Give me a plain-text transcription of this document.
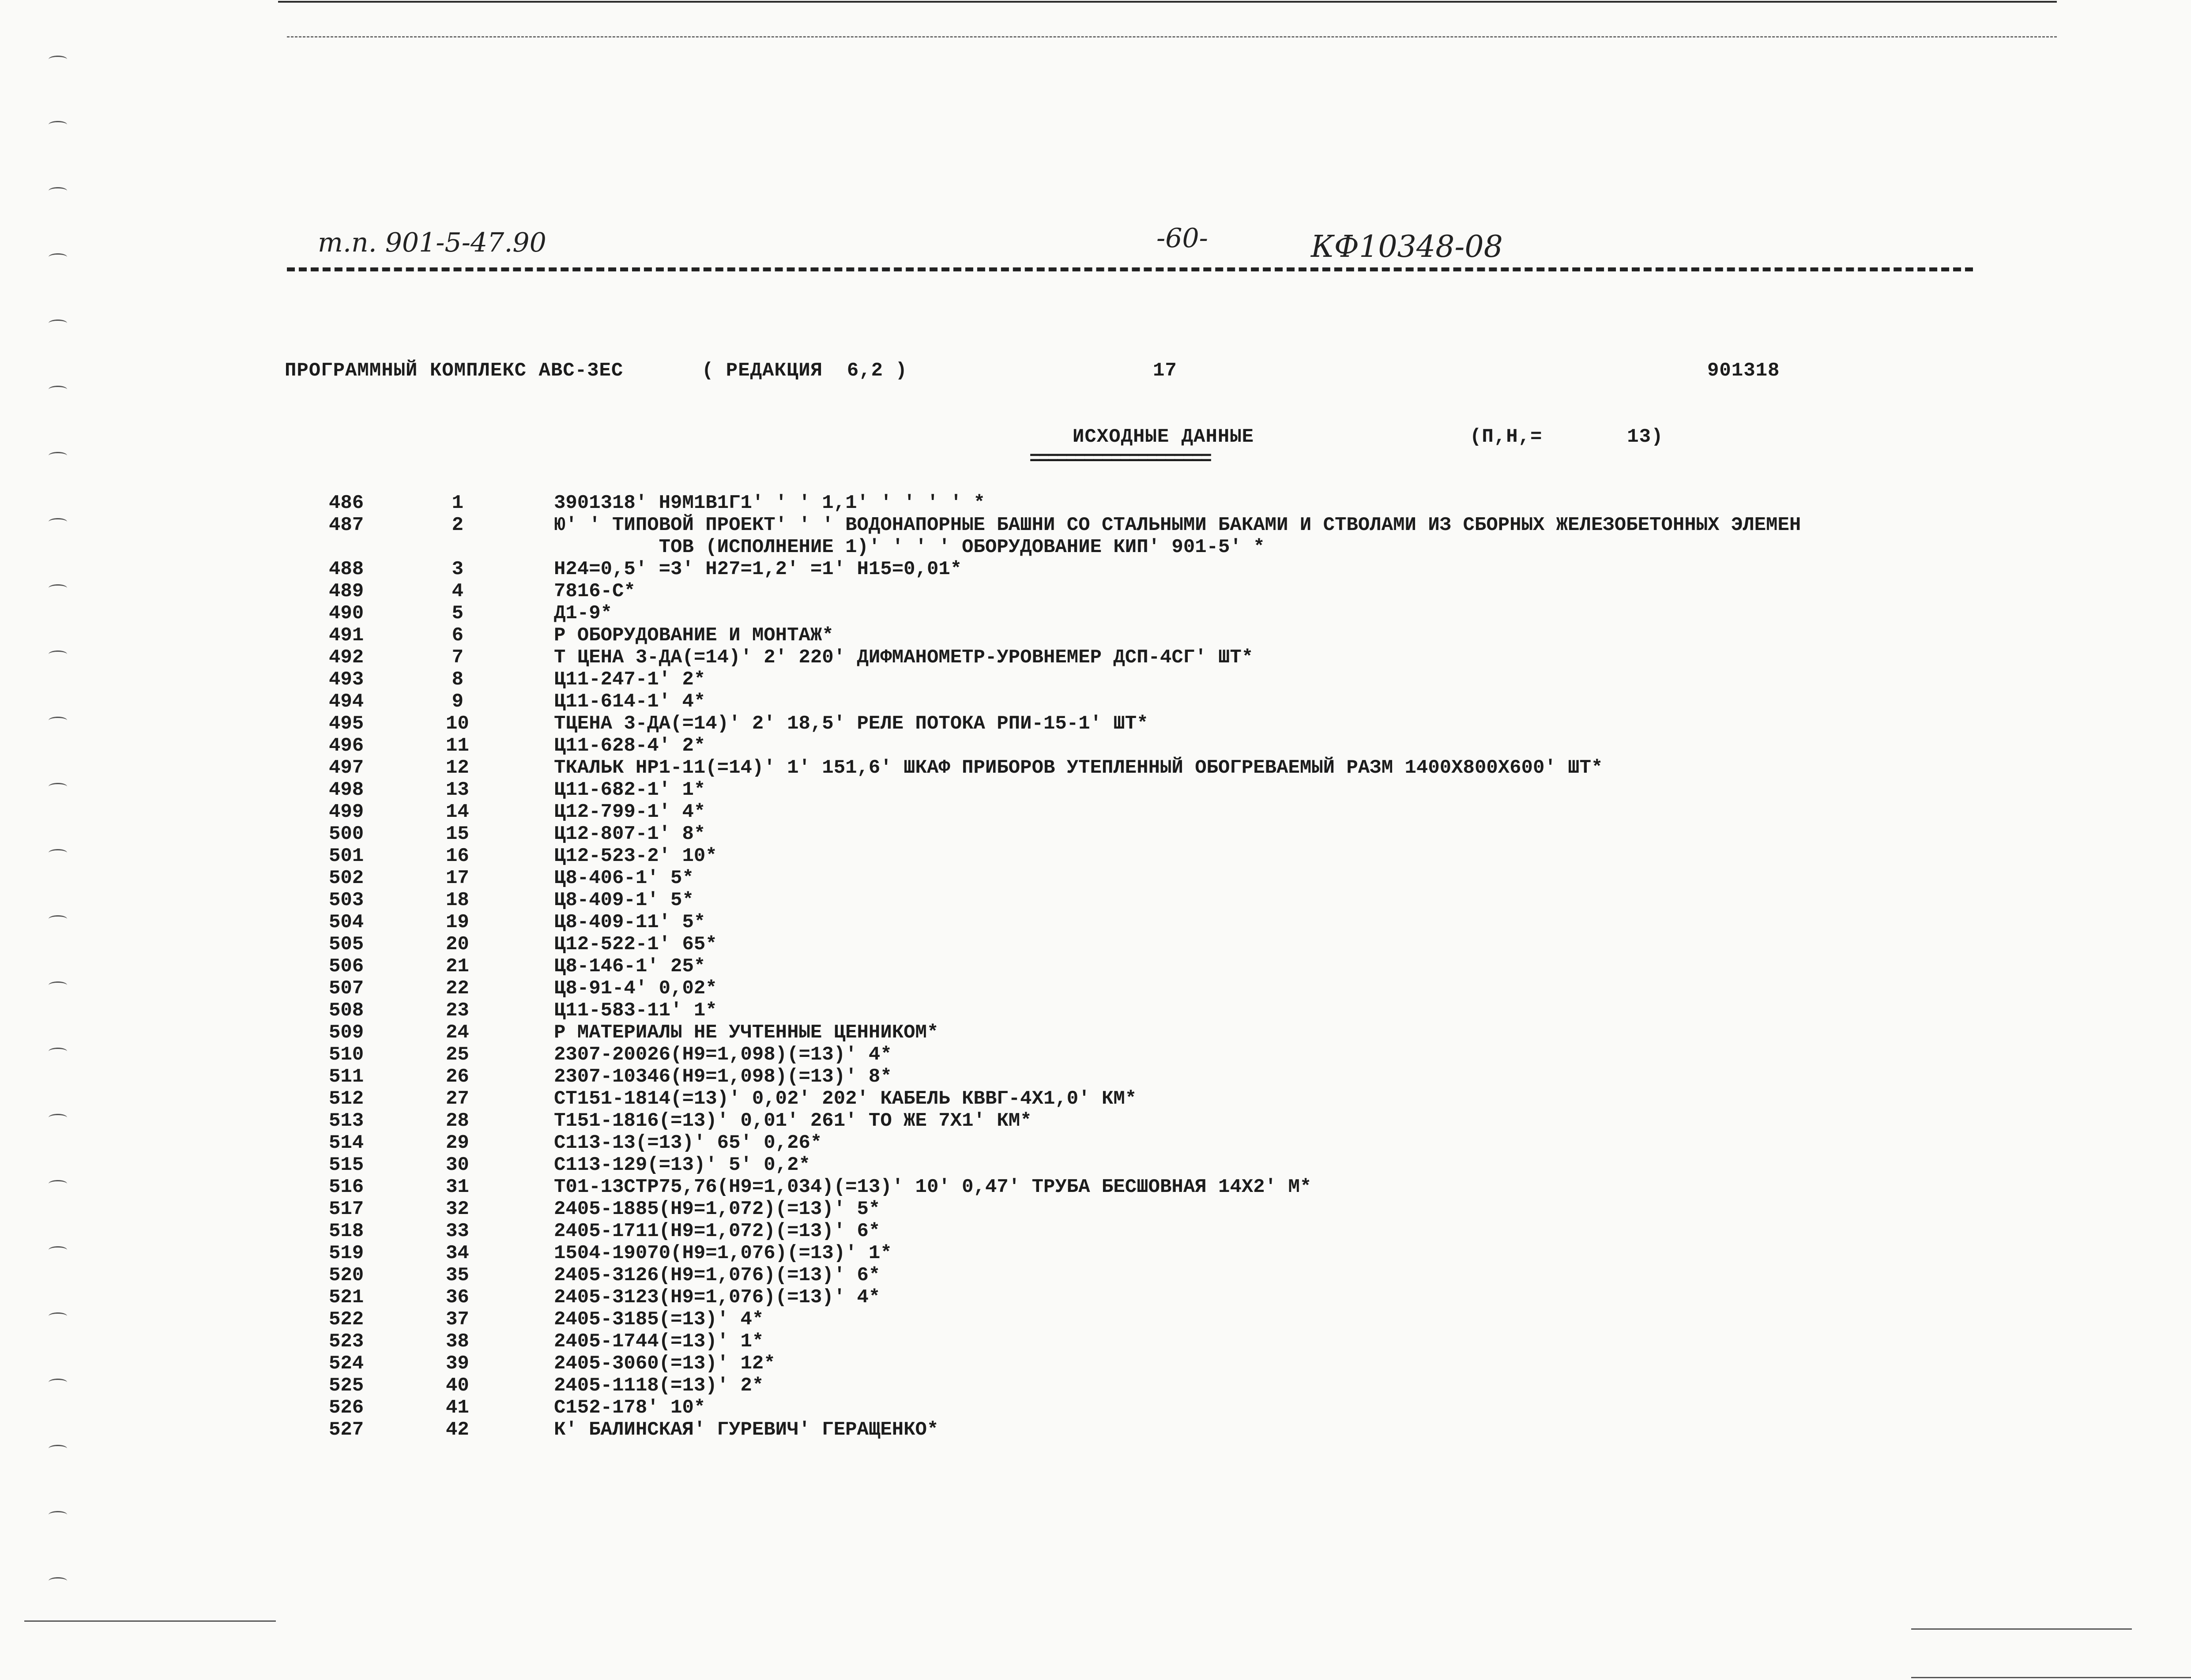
т.п. 901-5-47.90	-60-	КФ10348-08
ПРОГРАММНЫЙ КОМПЛЕКС АВС-3ЕС	( РЕДАКЦИЯ  6,2 )	17	901318
ИСХОДНЫЕ ДАННЫЕ	(П,Н,=       13)
====================
486	1	3901318' Н9М1В1Г1' ' ' 1,1' ' ' ' ' *
487	2	Ю' ' ТИПОВОЙ ПРОЕКТ' ' ' ВОДОНАПОРНЫЕ БАШНИ СО СТАЛЬНЫМИ БАКАМИ И СТВОЛАМИ ИЗ СБОРНЫХ ЖЕЛЕЗОБЕТОННЫХ ЭЛЕМЕН
ТОВ (ИСПОЛНЕНИЕ 1)' ' ' ' ОБОРУДОВАНИЕ КИП' 901-5' *
488	3	Н24=0,5' =3' Н27=1,2' =1' Н15=0,01*
489	4	7816-С*
490	5	Д1-9*
491	6	Р ОБОРУДОВАНИЕ И МОНТАЖ*
492	7	Т ЦЕНА 3-ДА(=14)' 2' 220' ДИФМАНОМЕТР-УРОВНЕМЕР ДСП-4СГ' ШТ*
493	8	Ц11-247-1' 2*
494	9	Ц11-614-1' 4*
495	10	ТЦЕНА 3-ДА(=14)' 2' 18,5' РЕЛЕ ПОТОКА РПИ-15-1' ШТ*
496	11	Ц11-628-4' 2*
497	12	ТКАЛЬК НР1-11(=14)' 1' 151,6' ШКАФ ПРИБОРОВ УТЕПЛЕННЫЙ ОБОГРЕВАЕМЫЙ РАЗМ 1400Х800Х600' ШТ*
498	13	Ц11-682-1' 1*
499	14	Ц12-799-1' 4*
500	15	Ц12-807-1' 8*
501	16	Ц12-523-2' 10*
502	17	Ц8-406-1' 5*
503	18	Ц8-409-1' 5*
504	19	Ц8-409-11' 5*
505	20	Ц12-522-1' 65*
506	21	Ц8-146-1' 25*
507	22	Ц8-91-4' 0,02*
508	23	Ц11-583-11' 1*
509	24	Р МАТЕРИАЛЫ НЕ УЧТЕННЫЕ ЦЕННИКОМ*
510	25	2307-20026(Н9=1,098)(=13)' 4*
511	26	2307-10346(Н9=1,098)(=13)' 8*
512	27	СТ151-1814(=13)' 0,02' 202' КАБЕЛЬ КВВГ-4Х1,0' КМ*
513	28	Т151-1816(=13)' 0,01' 261' ТО ЖЕ 7Х1' КМ*
514	29	С113-13(=13)' 65' 0,26*
515	30	С113-129(=13)' 5' 0,2*
516	31	Т01-13СТР75,76(Н9=1,034)(=13)' 10' 0,47' ТРУБА БЕСШОВНАЯ 14Х2' М*
517	32	2405-1885(Н9=1,072)(=13)' 5*
518	33	2405-1711(Н9=1,072)(=13)' 6*
519	34	1504-19070(Н9=1,076)(=13)' 1*
520	35	2405-3126(Н9=1,076)(=13)' 6*
521	36	2405-3123(Н9=1,076)(=13)' 4*
522	37	2405-3185(=13)' 4*
523	38	2405-1744(=13)' 1*
524	39	2405-3060(=13)' 12*
525	40	2405-1118(=13)' 2*
526	41	С152-178' 10*
527	42	К' БАЛИНСКАЯ' ГУРЕВИЧ' ГЕРАЩЕНКО*
